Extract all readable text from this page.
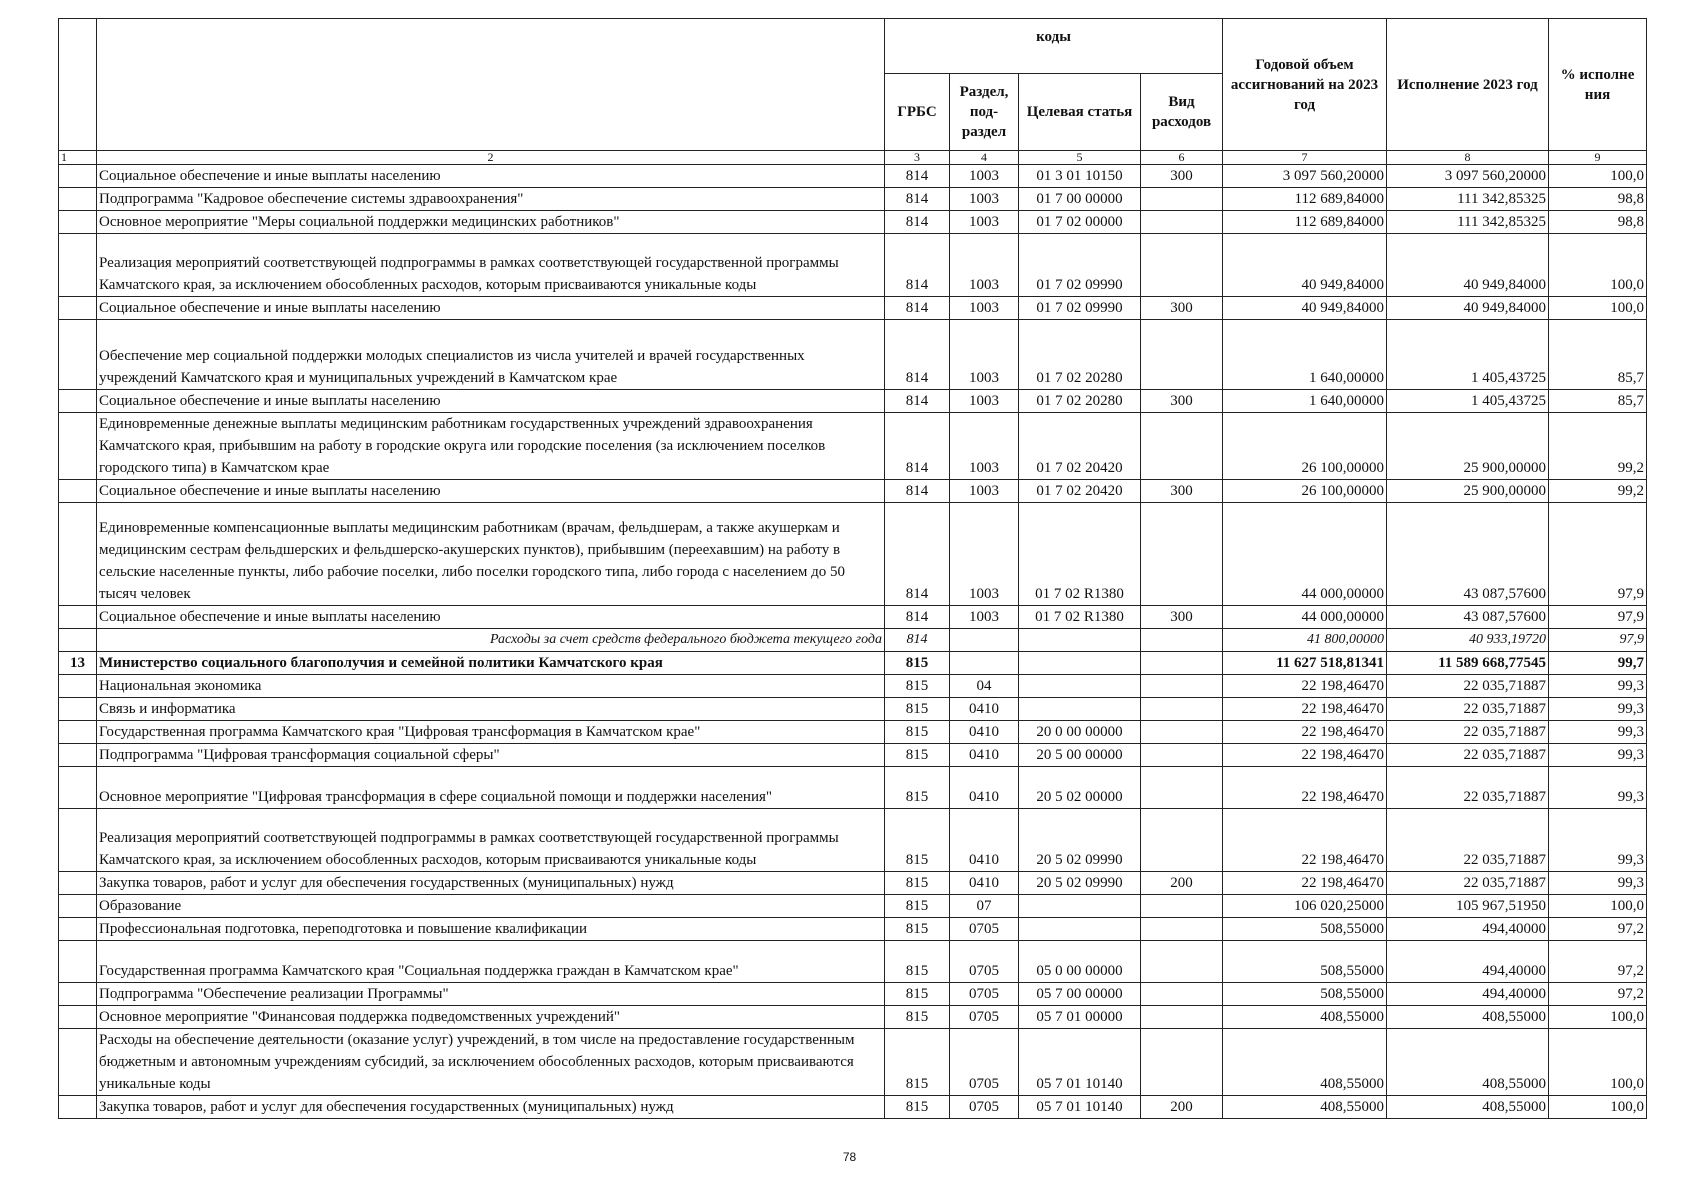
		коды				Годовой объем ассигнований на 2023 год	Исполнение 2023 год	% исполне ния
		ГРБС	Раздел, под-раздел	Целевая статья	Вид расходов			
1	2	3	4	5	6	7	8	9
	Социальное обеспечение и иные выплаты населению	814	1003	01 3 01 10150	300	3 097 560,20000	3 097 560,20000	100,0
	Подпрограмма "Кадровое обеспечение системы здравоохранения"	814	1003	01 7 00 00000		112 689,84000	111 342,85325	98,8
	Основное мероприятие "Меры социальной поддержки медицинских работников"	814	1003	01 7 02 00000		112 689,84000	111 342,85325	98,8
	Реализация мероприятий соответствующей подпрограммы в рамках соответствующей государственной программы Камчатского края, за исключением обособленных расходов, которым присваиваются уникальные коды	814	1003	01 7 02 09990		40 949,84000	40 949,84000	100,0
	Социальное обеспечение и иные выплаты населению	814	1003	01 7 02 09990	300	40 949,84000	40 949,84000	100,0
	Обеспечение мер социальной поддержки молодых специалистов из числа учителей и врачей государственных учреждений Камчатского края и муниципальных учреждений в Камчатском крае	814	1003	01 7 02 20280		1 640,00000	1 405,43725	85,7
	Социальное обеспечение и иные выплаты населению	814	1003	01 7 02 20280	300	1 640,00000	1 405,43725	85,7
	Единовременные денежные выплаты медицинским работникам государственных учреждений здравоохранения Камчатского края, прибывшим на работу в городские округа или городские поселения (за исключением поселков городского типа) в Камчатском крае	814	1003	01 7 02 20420		26 100,00000	25 900,00000	99,2
	Социальное обеспечение и иные выплаты населению	814	1003	01 7 02 20420	300	26 100,00000	25 900,00000	99,2
	Единовременные компенсационные выплаты медицинским работникам (врачам, фельдшерам, а также акушеркам и медицинским сестрам фельдшерских и фельдшерско-акушерских пунктов), прибывшим (переехавшим) на работу в сельские населенные пункты, либо рабочие поселки, либо поселки городского типа, либо города с населением до 50 тысяч человек	814	1003	01 7 02 R1380		44 000,00000	43 087,57600	97,9
	Социальное обеспечение и иные выплаты населению	814	1003	01 7 02 R1380	300	44 000,00000	43 087,57600	97,9
	Расходы за счет средств федерального бюджета текущего года	814				41 800,00000	40 933,19720	97,9
13	Министерство социального благополучия и семейной политики Камчатского края	815				11 627 518,81341	11 589 668,77545	99,7
	Национальная экономика	815	04			22 198,46470	22 035,71887	99,3
	Связь и информатика	815	0410			22 198,46470	22 035,71887	99,3
	Государственная программа Камчатского края "Цифровая трансформация в Камчатском крае"	815	0410	20 0 00 00000		22 198,46470	22 035,71887	99,3
	Подпрограмма "Цифровая трансформация социальной сферы"	815	0410	20 5 00 00000		22 198,46470	22 035,71887	99,3
	Основное мероприятие "Цифровая трансформация в сфере социальной помощи и поддержки населения"	815	0410	20 5 02 00000		22 198,46470	22 035,71887	99,3
	Реализация мероприятий соответствующей подпрограммы в рамках соответствующей государственной программы Камчатского края, за исключением обособленных расходов, которым присваиваются уникальные коды	815	0410	20 5 02 09990		22 198,46470	22 035,71887	99,3
	Закупка товаров, работ и услуг для обеспечения государственных (муниципальных) нужд	815	0410	20 5 02 09990	200	22 198,46470	22 035,71887	99,3
	Образование	815	07			106 020,25000	105 967,51950	100,0
	Профессиональная подготовка, переподготовка и повышение квалификации	815	0705			508,55000	494,40000	97,2
	Государственная программа Камчатского края "Социальная поддержка граждан в Камчатском крае"	815	0705	05 0 00 00000		508,55000	494,40000	97,2
	Подпрограмма "Обеспечение реализации Программы"	815	0705	05 7 00 00000		508,55000	494,40000	97,2
	Основное мероприятие "Финансовая поддержка подведомственных учреждений"	815	0705	05 7 01 00000		408,55000	408,55000	100,0
	Расходы на обеспечение деятельности (оказание услуг) учреждений, в том числе на предоставление государственным бюджетным и автономным учреждениям субсидий, за исключением обособленных расходов, которым присваиваются уникальные коды	815	0705	05 7 01 10140		408,55000	408,55000	100,0
	Закупка товаров, работ и услуг для обеспечения государственных (муниципальных) нужд	815	0705	05 7 01 10140	200	408,55000	408,55000	100,0
78
